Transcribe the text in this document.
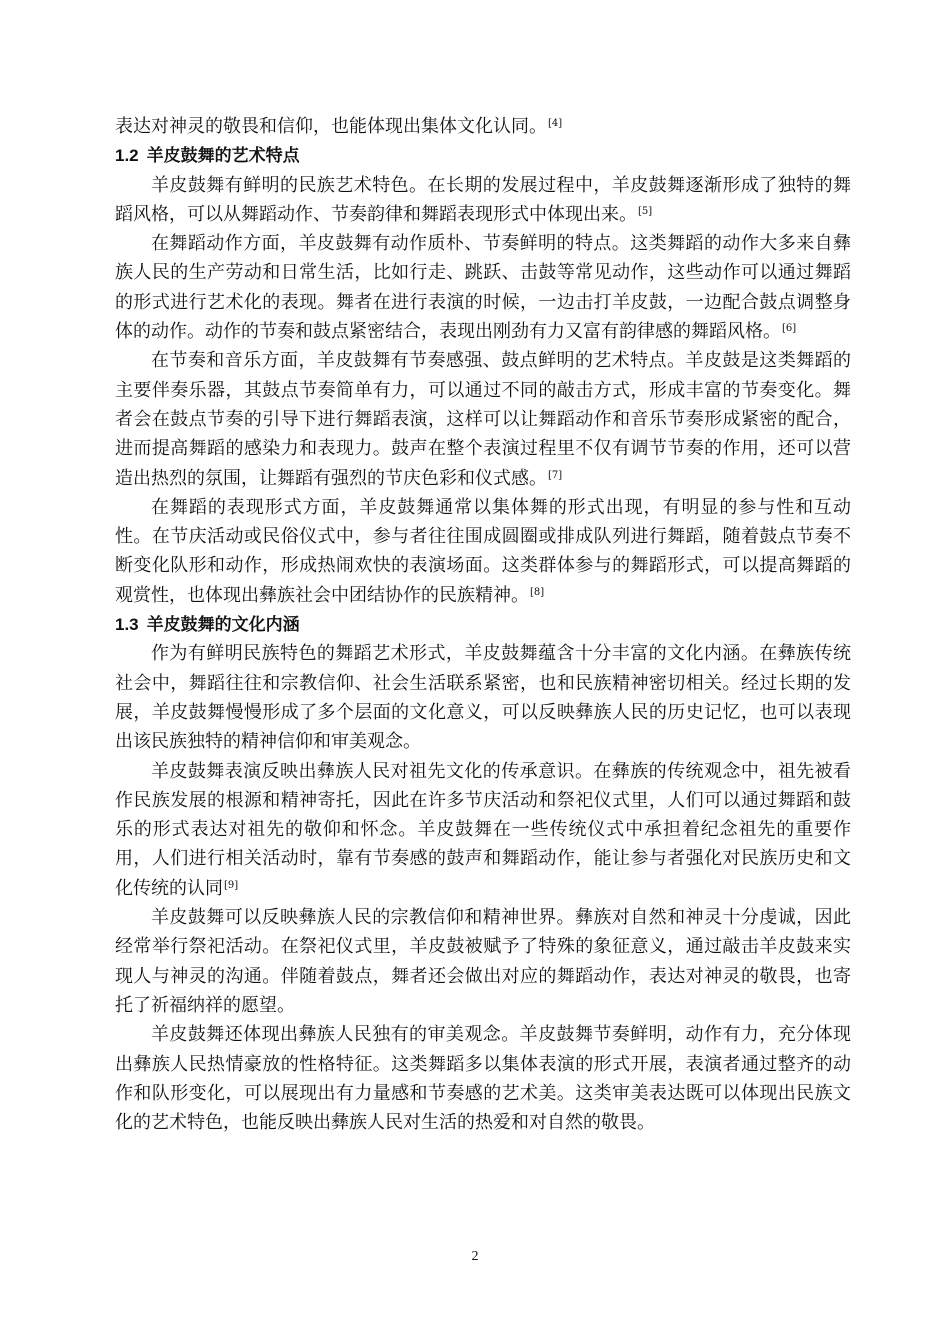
表达对神灵的敬畏和信仰，也能体现出集体文化认同。[4]

1.2 羊皮鼓舞的艺术特点

羊皮鼓舞有鲜明的民族艺术特色。在长期的发展过程中，羊皮鼓舞逐渐形成了独特的舞蹈风格，可以从舞蹈动作、节奏韵律和舞蹈表现形式中体现出来。[5]

在舞蹈动作方面，羊皮鼓舞有动作质朴、节奏鲜明的特点。这类舞蹈的动作大多来自彝族人民的生产劳动和日常生活，比如行走、跳跃、击鼓等常见动作，这些动作可以通过舞蹈的形式进行艺术化的表现。舞者在进行表演的时候，一边击打羊皮鼓，一边配合鼓点调整身体的动作。动作的节奏和鼓点紧密结合，表现出刚劲有力又富有韵律感的舞蹈风格。[6]

在节奏和音乐方面，羊皮鼓舞有节奏感强、鼓点鲜明的艺术特点。羊皮鼓是这类舞蹈的主要伴奏乐器，其鼓点节奏简单有力，可以通过不同的敲击方式，形成丰富的节奏变化。舞者会在鼓点节奏的引导下进行舞蹈表演，这样可以让舞蹈动作和音乐节奏形成紧密的配合，进而提高舞蹈的感染力和表现力。鼓声在整个表演过程里不仅有调节节奏的作用，还可以营造出热烈的氛围，让舞蹈有强烈的节庆色彩和仪式感。[7]

在舞蹈的表现形式方面，羊皮鼓舞通常以集体舞的形式出现，有明显的参与性和互动性。在节庆活动或民俗仪式中，参与者往往围成圆圈或排成队列进行舞蹈，随着鼓点节奏不断变化队形和动作，形成热闹欢快的表演场面。这类群体参与的舞蹈形式，可以提高舞蹈的观赏性，也体现出彝族社会中团结协作的民族精神。[8]

1.3 羊皮鼓舞的文化内涵

作为有鲜明民族特色的舞蹈艺术形式，羊皮鼓舞蕴含十分丰富的文化内涵。在彝族传统社会中，舞蹈往往和宗教信仰、社会生活联系紧密，也和民族精神密切相关。经过长期的发展，羊皮鼓舞慢慢形成了多个层面的文化意义，可以反映彝族人民的历史记忆，也可以表现出该民族独特的精神信仰和审美观念。

羊皮鼓舞表演反映出彝族人民对祖先文化的传承意识。在彝族的传统观念中，祖先被看作民族发展的根源和精神寄托，因此在许多节庆活动和祭祀仪式里，人们可以通过舞蹈和鼓乐的形式表达对祖先的敬仰和怀念。羊皮鼓舞在一些传统仪式中承担着纪念祖先的重要作用，人们进行相关活动时，靠有节奏感的鼓声和舞蹈动作，能让参与者强化对民族历史和文化传统的认同[9]

羊皮鼓舞可以反映彝族人民的宗教信仰和精神世界。彝族对自然和神灵十分虔诚，因此经常举行祭祀活动。在祭祀仪式里，羊皮鼓被赋予了特殊的象征意义，通过敲击羊皮鼓来实现人与神灵的沟通。伴随着鼓点，舞者还会做出对应的舞蹈动作，表达对神灵的敬畏，也寄托了祈福纳祥的愿望。

羊皮鼓舞还体现出彝族人民独有的审美观念。羊皮鼓舞节奏鲜明，动作有力，充分体现出彝族人民热情豪放的性格特征。这类舞蹈多以集体表演的形式开展，表演者通过整齐的动作和队形变化，可以展现出有力量感和节奏感的艺术美。这类审美表达既可以体现出民族文化的艺术特色，也能反映出彝族人民对生活的热爱和对自然的敬畏。

2
